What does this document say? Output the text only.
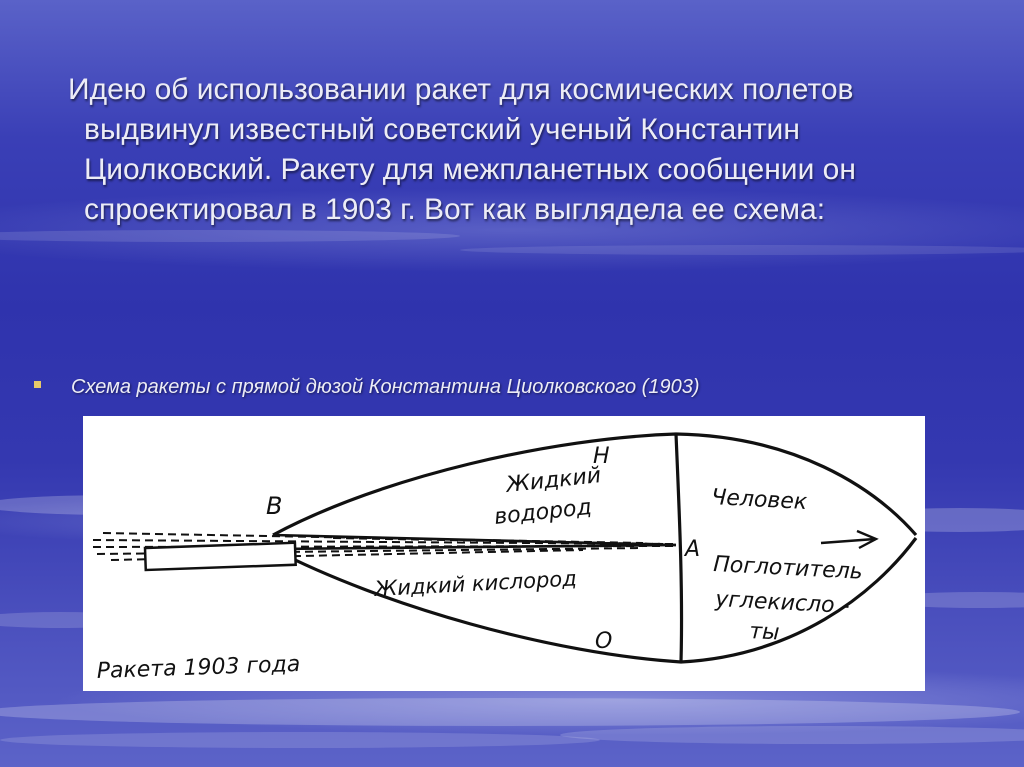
Идею об использовании ракет для космических полетов
выдвинул известный советский ученый Константин
Циолковский. Ракету для межпланетных сообщении он
спроектировал в 1903 г. Вот как выглядела ее схема:
Схема ракеты с прямой дюзой Константина Циолковского (1903)
B
H
A
O
Жидкий
водород
Жидкий кислород
Человек
Поглотитель
углекисло -
ты
Ракета 1903 года
